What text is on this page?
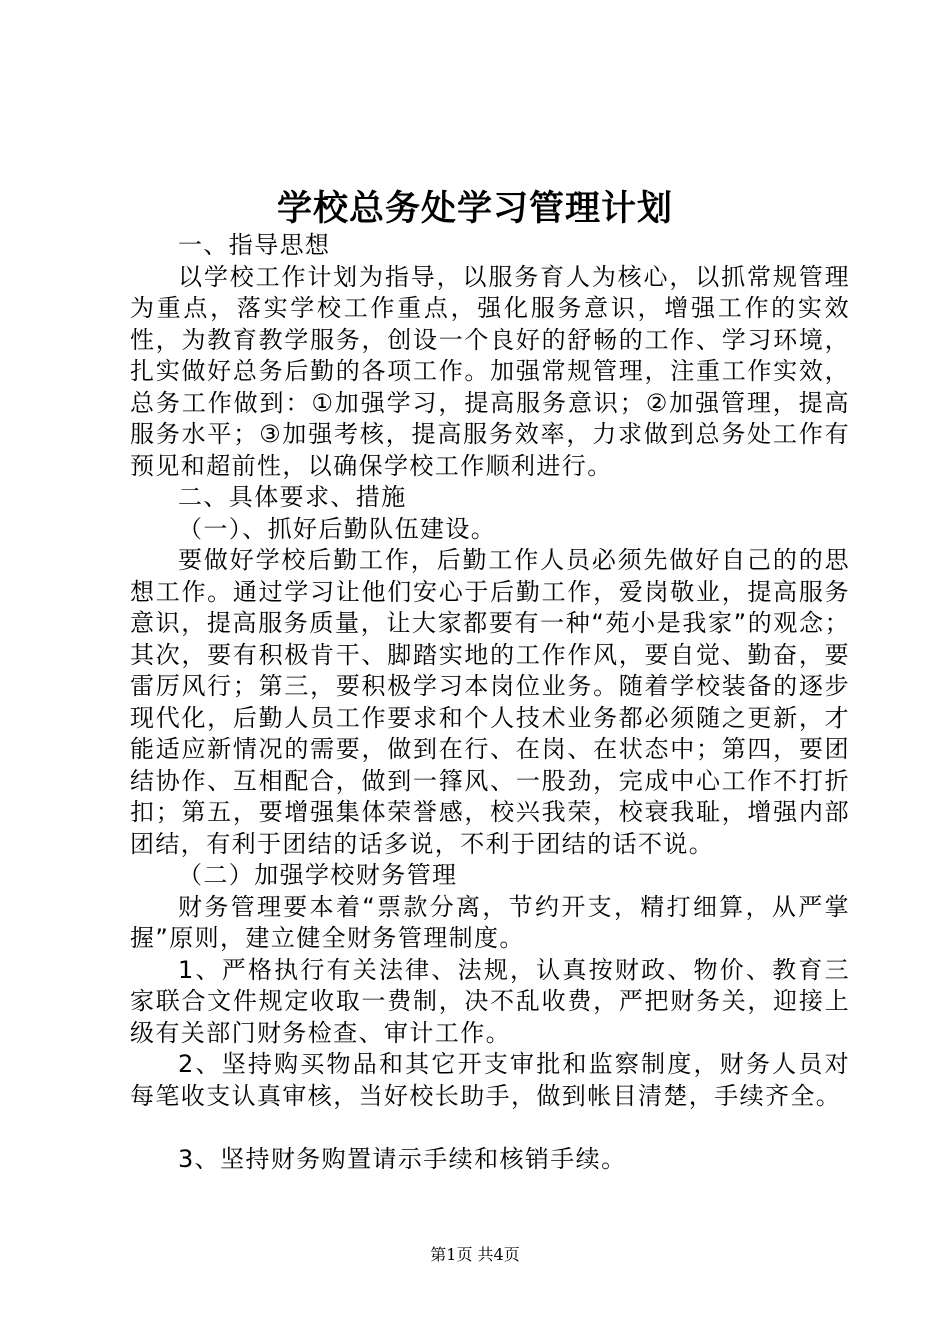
学校总务处学习管理计划

一、指导思想

以学校工作计划为指导，以服务育人为核心，以抓常规管理为重点，落实学校工作重点，强化服务意识，增强工作的实效性，为教育教学服务，创设一个良好的舒畅的工作、学习环境，扎实做好总务后勤的各项工作。加强常规管理，注重工作实效，总务工作做到：①加强学习，提高服务意识；②加强管理，提高服务水平；③加强考核，提高服务效率，力求做到总务处工作有预见和超前性，以确保学校工作顺利进行。

二、具体要求、措施

（一）、抓好后勤队伍建设。

要做好学校后勤工作，后勤工作人员必须先做好自己的的思想工作。通过学习让他们安心于后勤工作，爱岗敬业，提高服务意识，提高服务质量，让大家都要有一种“苑小是我家”的观念；其次，要有积极肯干、脚踏实地的工作作风，要自觉、勤奋，要雷厉风行；第三，要积极学习本岗位业务。随着学校装备的逐步现代化，后勤人员工作要求和个人技术业务都必须随之更新，才能适应新情况的需要，做到在行、在岗、在状态中；第四，要团结协作、互相配合，做到一箨风、一股劲，完成中心工作不打折扣；第五，要增强集体荣誉感，校兴我荣，校衰我耻，增强内部团结，有利于团结的话多说，不利于团结的话不说。

（二）加强学校财务管理

财务管理要本着“票款分离，节约开支，精打细算，从严掌握”原则，建立健全财务管理制度。

1、严格执行有关法律、法规，认真按财政、物价、教育三家联合文件规定收取一费制，决不乱收费，严把财务关，迎接上级有关部门财务检查、审计工作。

2、坚持购买物品和其它开支审批和监察制度，财务人员对每笔收支认真审核，当好校长助手，做到帐目清楚，手续齐全。

3、坚持财务购置请示手续和核销手续。

第1页 共4页
